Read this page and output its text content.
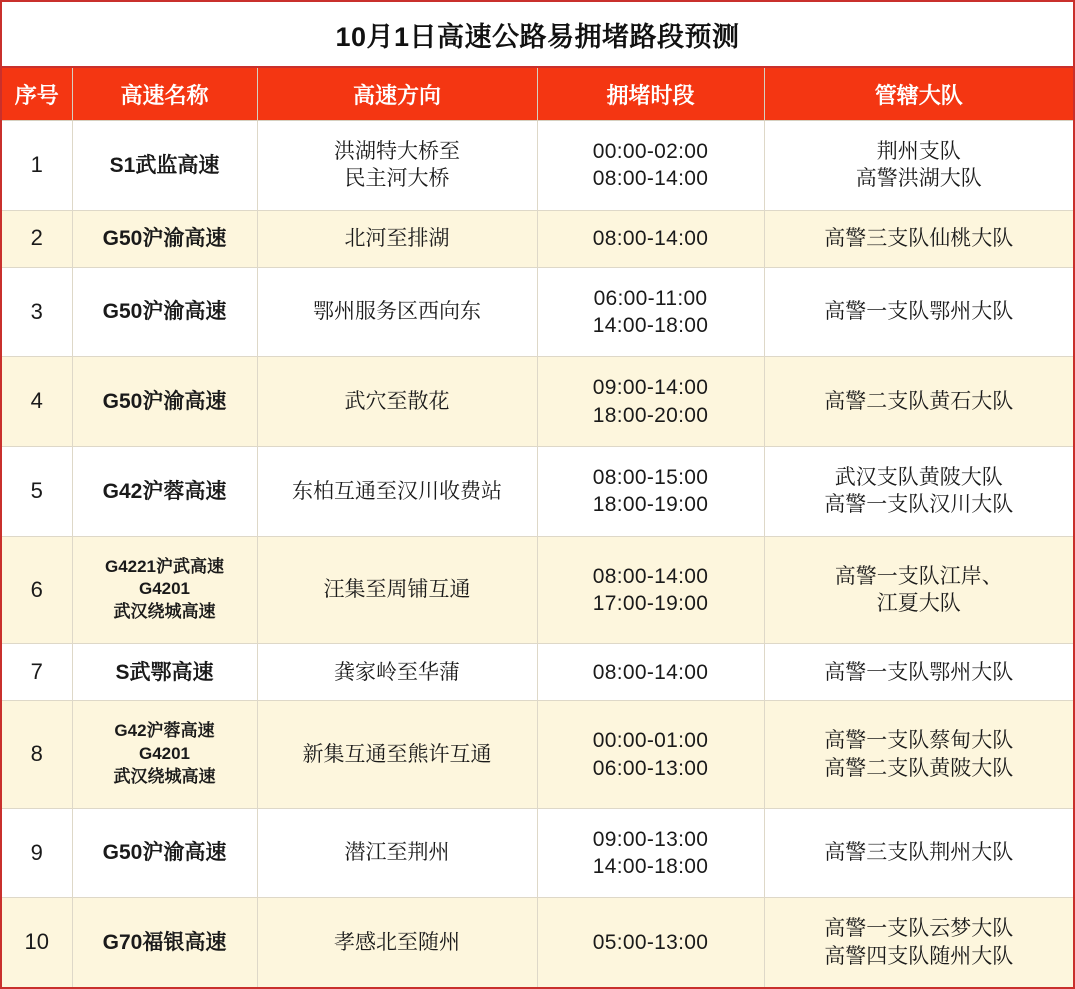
10月1日高速公路易拥堵路段预测
序号	高速名称	高速方向	拥堵时段	管辖大队

1	S1武监高速	洪湖特大桥至
民主河大桥	00:00-02:00
08:00-14:00	荆州支队
高警洪湖大队

2	G50沪渝高速	北河至排湖	08:00-14:00	高警三支队仙桃大队

3	G50沪渝高速	鄂州服务区西向东	06:00-11:00
14:00-18:00	高警一支队鄂州大队

4	G50沪渝高速	武穴至散花	09:00-14:00
18:00-20:00	高警二支队黄石大队

5	G42沪蓉高速	东柏互通至汉川收费站	08:00-15:00
18:00-19:00	武汉支队黄陂大队
高警一支队汉川大队

6	G4221沪武高速
G4201
武汉绕城高速	汪集至周铺互通	08:00-14:00
17:00-19:00	高警一支队江岸、
江夏大队

7	S武鄂高速	龚家岭至华蒲	08:00-14:00	高警一支队鄂州大队

8	G42沪蓉高速
G4201
武汉绕城高速	新集互通至熊许互通	00:00-01:00
06:00-13:00	高警一支队蔡甸大队
高警二支队黄陂大队

9	G50沪渝高速	潜江至荆州	09:00-13:00
14:00-18:00	高警三支队荆州大队

10	G70福银高速	孝感北至随州	05:00-13:00	高警一支队云梦大队
高警四支队随州大队
